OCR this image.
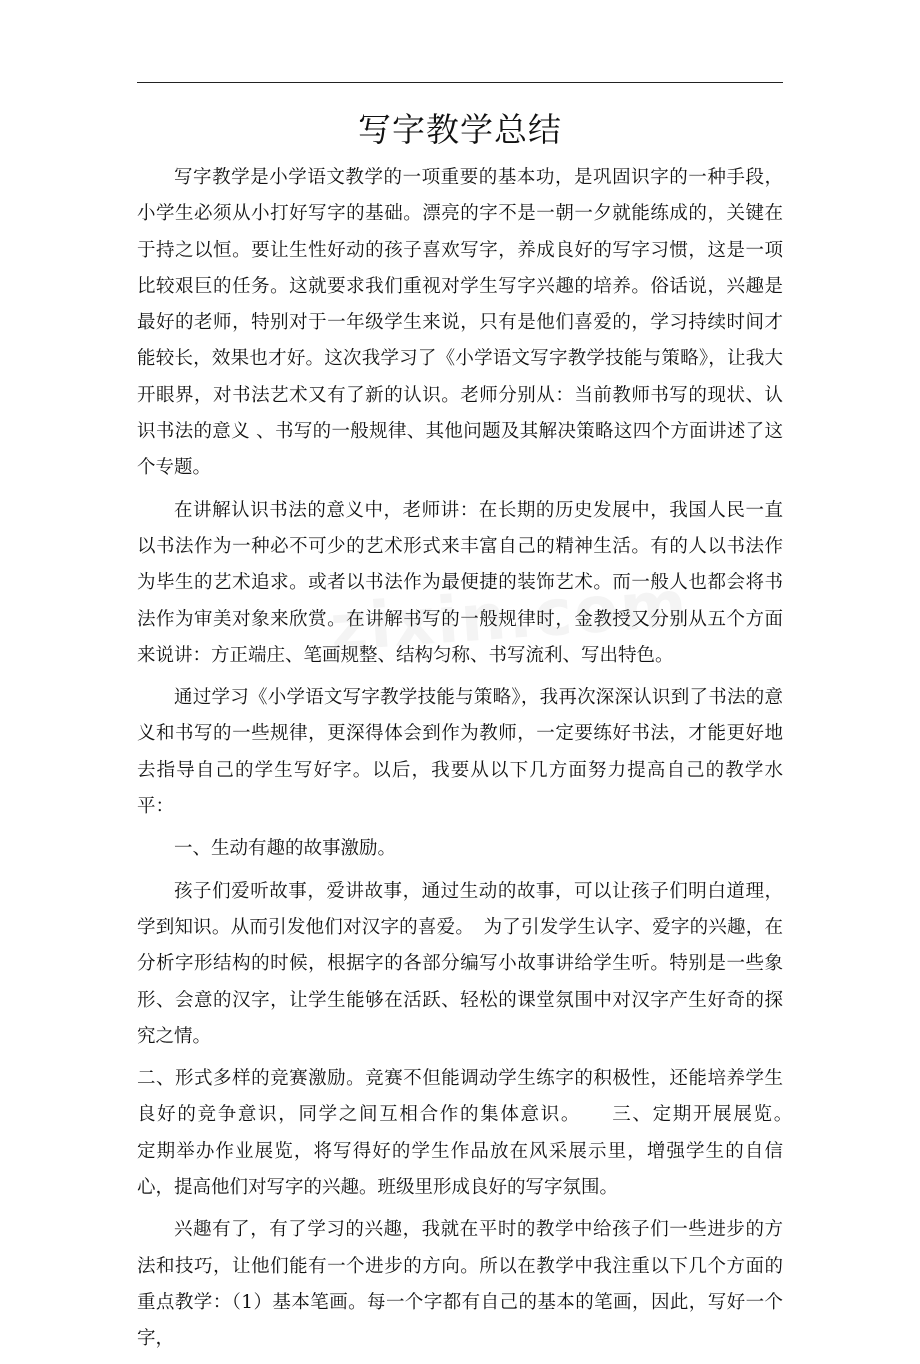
写字教学总结

写字教学是小学语文教学的一项重要的基本功，是巩固识字的一种手段，小学生必须从小打好写字的基础。漂亮的字不是一朝一夕就能练成的，关键在于持之以恒。要让生性好动的孩子喜欢写字，养成良好的写字习惯，这是一项比较艰巨的任务。这就要求我们重视对学生写字兴趣的培养。俗话说，兴趣是最好的老师，特别对于一年级学生来说，只有是他们喜爱的，学习持续时间才能较长，效果也才好。这次我学习了《小学语文写字教学技能与策略》，让我大开眼界，对书法艺术又有了新的认识。老师分别从：当前教师书写的现状、认识书法的意义 、书写的一般规律、其他问题及其解决策略这四个方面讲述了这个专题。

在讲解认识书法的意义中，老师讲：在长期的历史发展中，我国人民一直以书法作为一种必不可少的艺术形式来丰富自己的精神生活。有的人以书法作为毕生的艺术追求。或者以书法作为最便捷的装饰艺术。而一般人也都会将书法作为审美对象来欣赏。在讲解书写的一般规律时，金教授又分别从五个方面来说讲：方正端庄、笔画规整、结构匀称、书写流利、写出特色。

通过学习《小学语文写字教学技能与策略》，我再次深深认识到了书法的意义和书写的一些规律，更深得体会到作为教师，一定要练好书法，才能更好地去指导自己的学生写好字。以后，我要从以下几方面努力提高自己的教学水平：

一、生动有趣的故事激励。

孩子们爱听故事，爱讲故事，通过生动的故事，可以让孩子们明白道理，学到知识。从而引发他们对汉字的喜爱。　为了引发学生认字、爱字的兴趣，在分析字形结构的时候，根据字的各部分编写小故事讲给学生听。特别是一些象形、会意的汉字，让学生能够在活跃、轻松的课堂氛围中对汉字产生好奇的探究之情。

二、形式多样的竞赛激励。竞赛不但能调动学生练字的积极性，还能培养学生良好的竞争意识，同学之间互相合作的集体意识。　　三、定期开展展览。　　定期举办作业展览，将写得好的学生作品放在风采展示里，增强学生的自信心，提高他们对写字的兴趣。班级里形成良好的写字氛围。

兴趣有了，有了学习的兴趣，我就在平时的教学中给孩子们一些进步的方法和技巧，让他们能有一个进步的方向。所以在教学中我注重以下几个方面的重点教学：（1）基本笔画。每一个字都有自己的基本的笔画，因此，写好一个字，
